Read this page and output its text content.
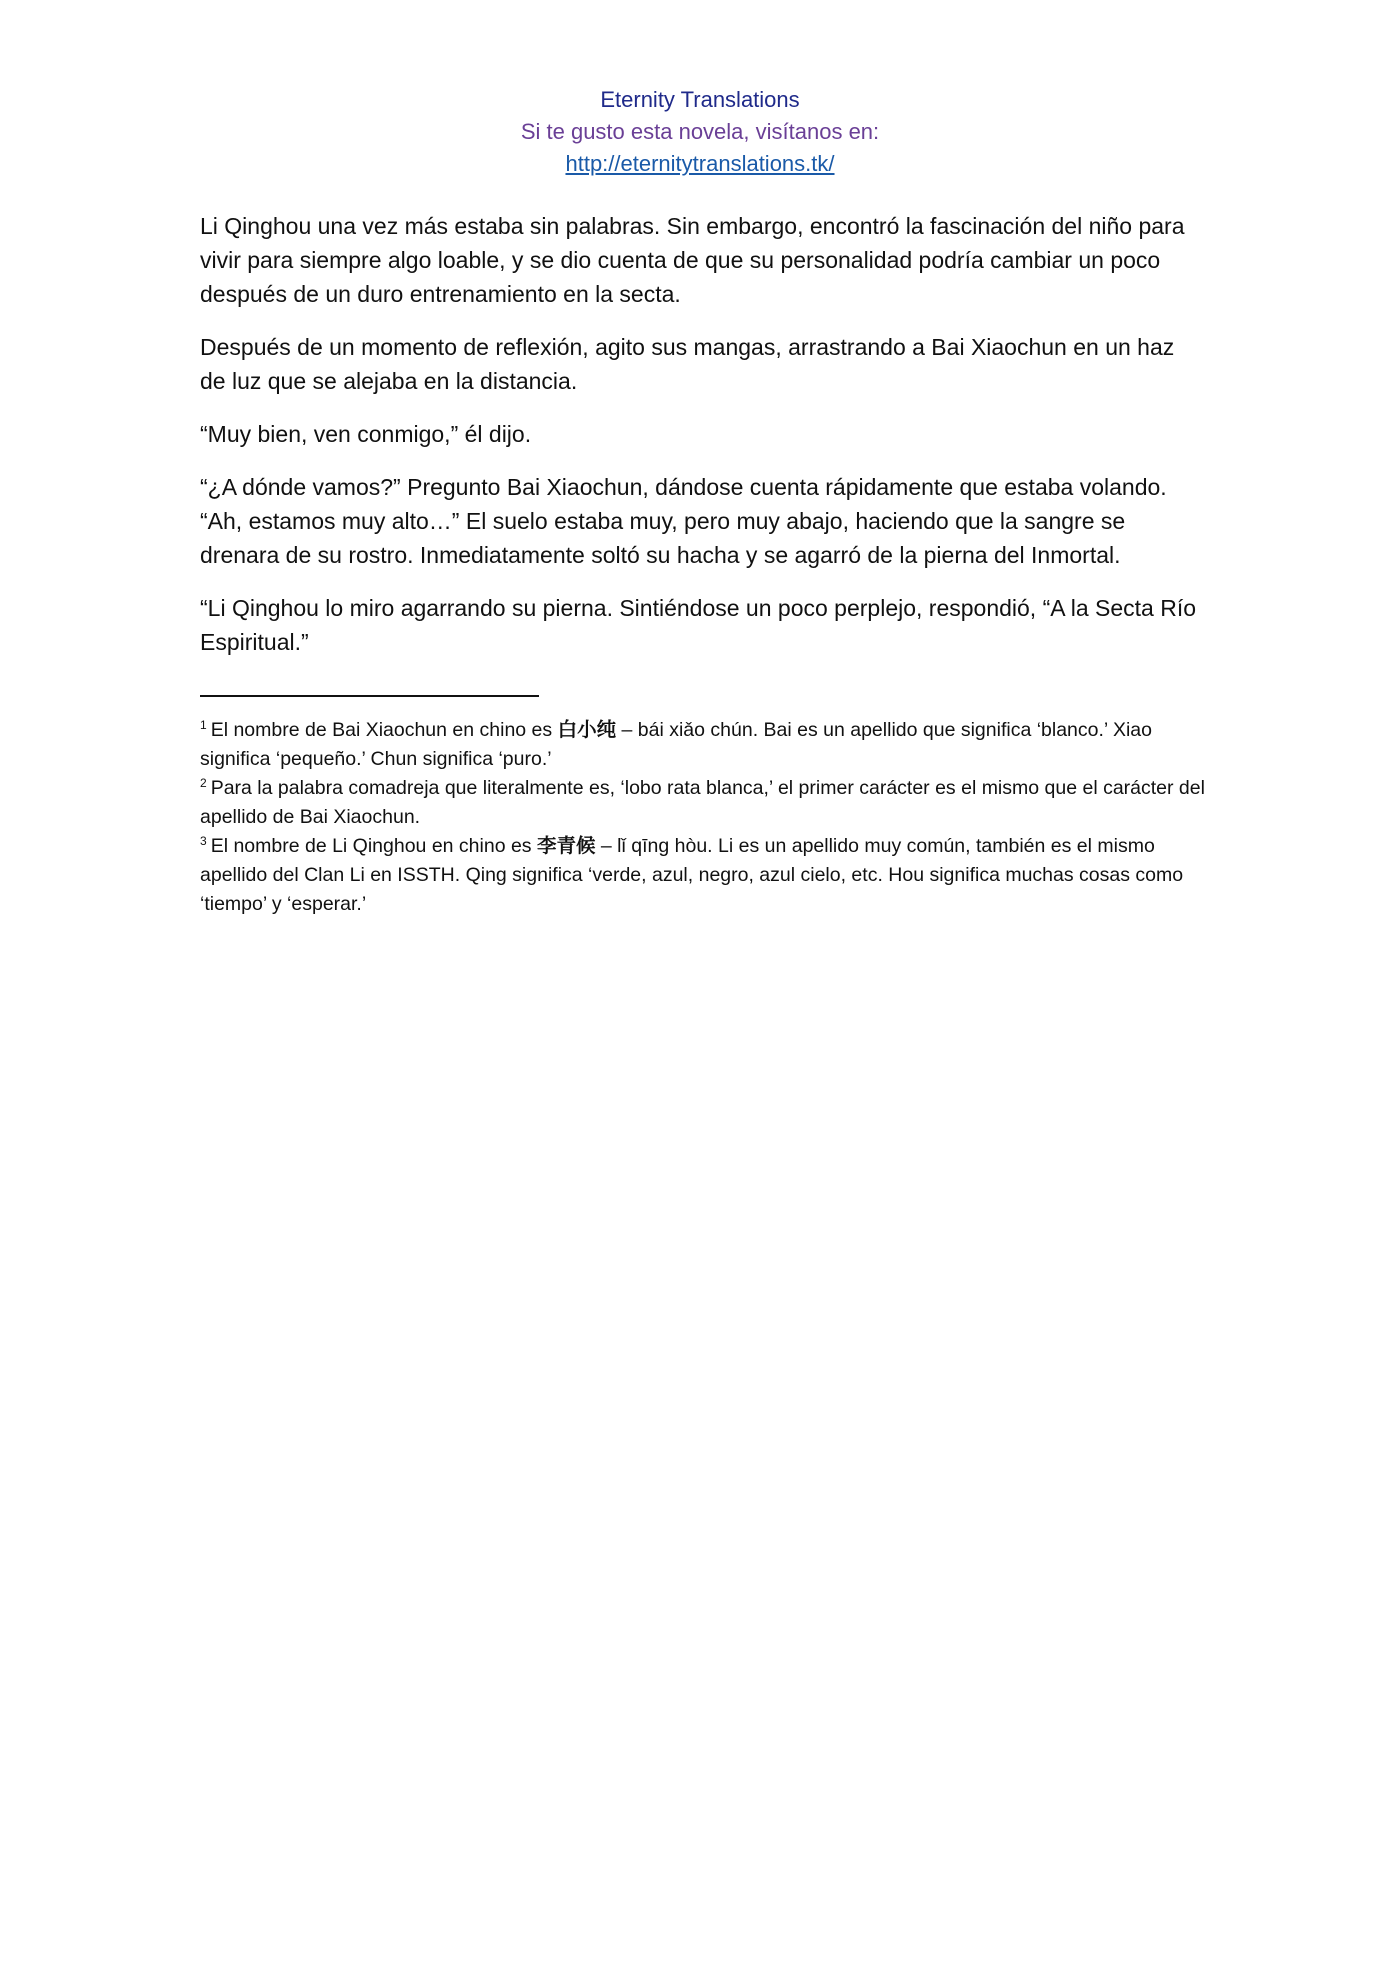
Eternity Translations
Si te gusto esta novela, visítanos en:
http://eternitytranslations.tk/

Li Qinghou una vez más estaba sin palabras. Sin embargo, encontró la fascinación del niño para vivir para siempre algo loable, y se dio cuenta de que su personalidad podría cambiar un poco después de un duro entrenamiento en la secta.

Después de un momento de reflexión, agito sus mangas, arrastrando a Bai Xiaochun en un haz de luz que se alejaba en la distancia.

“Muy bien, ven conmigo,” él dijo.

“¿A dónde vamos?” Pregunto Bai Xiaochun, dándose cuenta rápidamente que estaba volando. “Ah, estamos muy alto…” El suelo estaba muy, pero muy abajo, haciendo que la sangre se drenara de su rostro. Inmediatamente soltó su hacha y se agarró de la pierna del Inmortal.

“Li Qinghou lo miro agarrando su pierna. Sintiéndose un poco perplejo, respondió, “A la Secta Río Espiritual.”

$^1$ El nombre de Bai Xiaochun en chino es 白小纯 – bái xiǎo chún. Bai es un apellido que significa ‘blanco.’ Xiao significa ‘pequeño.’ Chun significa ‘puro.’

$^2$ Para la palabra comadreja que literalmente es, ‘lobo rata blanca,’ el primer carácter es el mismo que el carácter del apellido de Bai Xiaochun.

$^3$ El nombre de Li Qinghou en chino es 李青候 – lǐ qīng hòu. Li es un apellido muy común, también es el mismo apellido del Clan Li en ISSTH. Qing significa ‘verde, azul, negro, azul cielo, etc. Hou significa muchas cosas como ‘tiempo’ y ‘esperar.’
